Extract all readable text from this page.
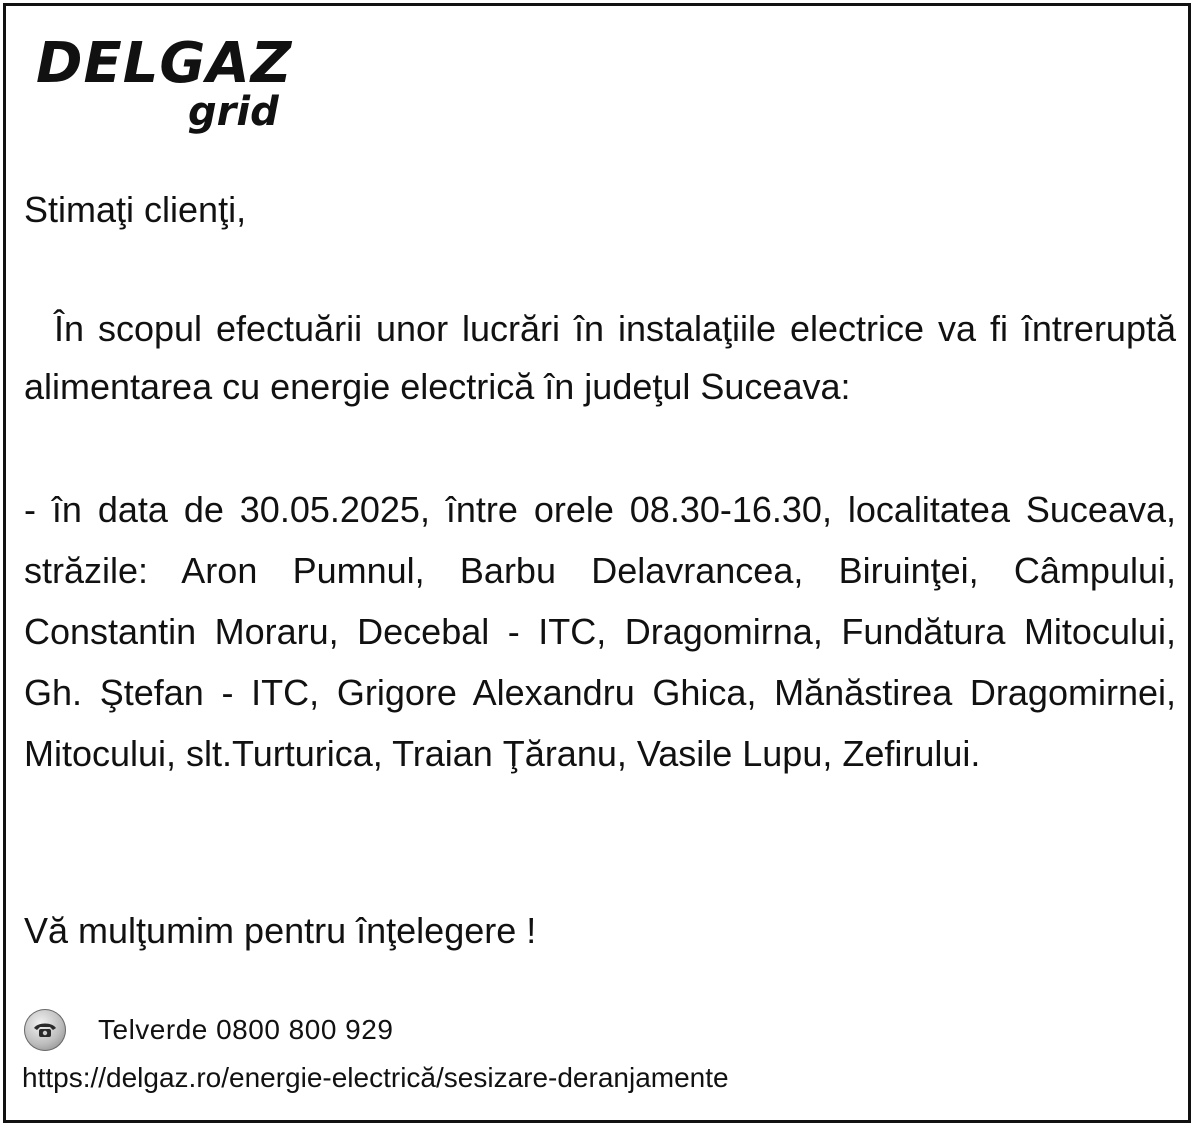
DELGAZ
grid
Stimaţi clienţi,
În scopul efectuării unor lucrări în instalaţiile electrice va fi întreruptă alimentarea cu energie electrică în judeţul Suceava:
- în data de 30.05.2025, între orele 08.30-16.30, localitatea Suceava, străzile: Aron Pumnul, Barbu Delavrancea, Biruinţei, Câmpului, Constantin Moraru, Decebal - ITC, Dragomirna, Fundătura Mitocului, Gh. Ştefan - ITC, Grigore Alexandru Ghica, Mănăstirea Dragomirnei, Mitocului, slt.Turturica, Traian Ţăranu, Vasile Lupu, Zefirului.
Vă mulţumim pentru înţelegere !
Telverde 0800 800 929
https://delgaz.ro/energie-electrică/sesizare-deranjamente
